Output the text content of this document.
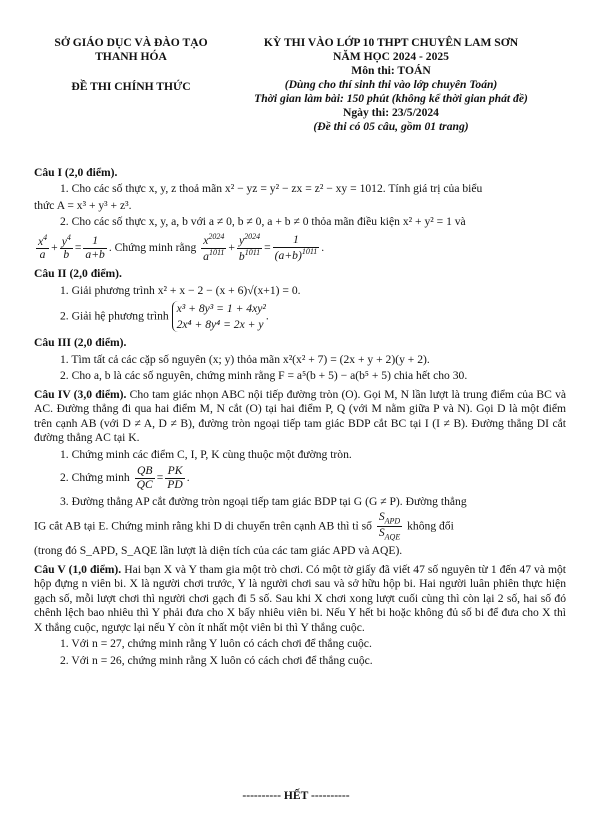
SỞ GIÁO DỤC VÀ ĐÀO TẠO
THANH HÓA
ĐỀ THI CHÍNH THỨC
KỲ THI VÀO LỚP 10 THPT CHUYÊN LAM SƠN
NĂM HỌC 2024 - 2025
Môn thi: TOÁN
(Dùng cho thí sinh thi vào lớp chuyên Toán)
Thời gian làm bài: 150 phút (không kể thời gian phát đề)
Ngày thi: 23/5/2024
(Đề thi có 05 câu, gồm 01 trang)
Câu I (2,0 điểm).
1. Cho các số thực x, y, z thoả mãn x² − yz = y² − zx = z² − xy = 1012. Tính giá trị của biểu
thức A = x³ + y³ + z³.
2. Cho các số thực x, y, a, b với a ≠ 0, b ≠ 0, a + b ≠ 0 thỏa mãn điều kiện x² + y² = 1 và
$\frac{x^4}{a} + \frac{y^4}{b} = \frac{1}{a+b}$ . Chứng minh rằng $\frac{x^{2024}}{a^{1011}} + \frac{y^{2024}}{b^{1011}} = \frac{1}{(a+b)^{1011}}$ .
Câu II (2,0 điểm).
1. Giải phương trình x² + x − 2 − (x + 6)√(x+1) = 0.
2. Giải hệ phương trình
x³ + 8y³ = 1 + 4xy²
2x⁴ + 8y⁴ = 2x + y
.
Câu III (2,0 điểm).
1. Tìm tất cả các cặp số nguyên (x; y) thỏa mãn x²(x² + 7) = (2x + y + 2)(y + 2).
2. Cho a, b là các số nguyên, chứng minh rằng F = a⁵(b + 5) − a(b⁵ + 5) chia hết cho 30.
Câu IV (3,0 điểm). Cho tam giác nhọn ABC nội tiếp đường tròn (O). Gọi M, N lần lượt là trung điểm của BC và AC. Đường thẳng đi qua hai điểm M, N cắt (O) tại hai điểm P, Q (với M nằm giữa P và N). Gọi D là một điểm trên cạnh AB (với D ≠ A, D ≠ B), đường tròn ngoại tiếp tam giác BDP cắt BC tại I (I ≠ B). Đường thẳng DI cắt đường thẳng AC tại K.
1. Chứng minh các điểm C, I, P, K cùng thuộc một đường tròn.
2. Chứng minh $\frac{QB}{QC} = \frac{PK}{PD}$ .
3. Đường thẳng AP cắt đường tròn ngoại tiếp tam giác BDP tại G (G ≠ P). Đường thẳng
IG cắt AB tại E. Chứng minh rằng khi D di chuyển trên cạnh AB thì tỉ số $\frac{S_{APD}}{S_{AQE}}$ không đổi
(trong đó S_APD, S_AQE lần lượt là diện tích của các tam giác APD và AQE).
Câu V (1,0 điểm). Hai bạn X và Y tham gia một trò chơi. Có một tờ giấy đã viết 47 số nguyên từ 1 đến 47 và một hộp đựng n viên bi. X là người chơi trước, Y là người chơi sau và sở hữu hộp bi. Hai người luân phiên thực hiện gạch số, mỗi lượt chơi thì người chơi gạch đi 5 số. Sau khi X chơi xong lượt cuối cùng thì còn lại 2 số, hai số đó chênh lệch bao nhiêu thì Y phải đưa cho X bấy nhiêu viên bi. Nếu Y hết bi hoặc không đủ số bi để đưa cho X thì X thắng cuộc, ngược lại nếu Y còn ít nhất một viên bi thì Y thắng cuộc.
1. Với n = 27, chứng minh rằng Y luôn có cách chơi để thắng cuộc.
2. Với n = 26, chứng minh rằng X luôn có cách chơi để thắng cuộc.
---------- HẾT ----------
